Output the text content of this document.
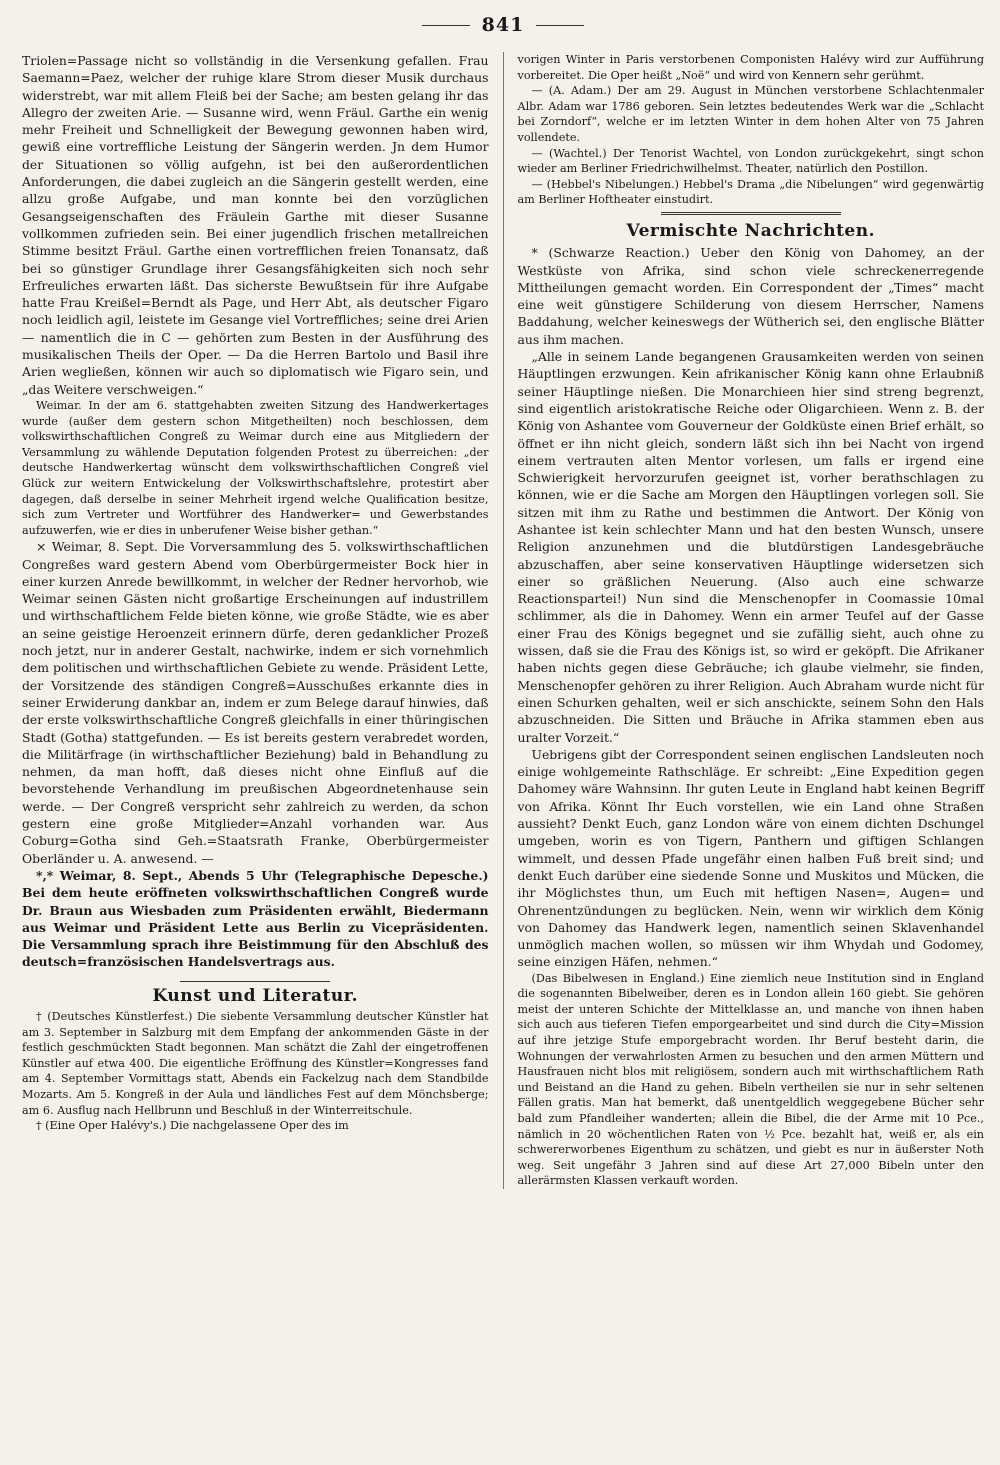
841

Triolen=Passage nicht so vollständig in die Versenkung gefallen. Frau Saemann=Paez, welcher der ruhige klare Strom dieser Musik durchaus widerstrebt, war mit allem Fleiß bei der Sache; am besten gelang ihr das Allegro der zweiten Arie. — Susanne wird, wenn Fräul. Garthe ein wenig mehr Freiheit und Schnelligkeit der Bewegung gewonnen haben wird, gewiß eine vortreffliche Leistung der Sängerin werden. Jn dem Humor der Situationen so völlig aufgehn, ist bei den außerordentlichen Anforderungen, die dabei zugleich an die Sängerin gestellt werden, eine allzu große Aufgabe, und man konnte bei den vorzüglichen Gesangseigenschaften des Fräulein Garthe mit dieser Susanne vollkommen zufrieden sein. Bei einer jugendlich frischen metallreichen Stimme besitzt Fräul. Garthe einen vortrefflichen freien Tonansatz, daß bei so günstiger Grundlage ihrer Gesangsfähigkeiten sich noch sehr Erfreuliches erwarten läßt. Das sicherste Bewußtsein für ihre Aufgabe hatte Frau Kreißel=Berndt als Page, und Herr Abt, als deutscher Figaro noch leidlich agil, leistete im Gesange viel Vortreffliches; seine drei Arien — namentlich die in C — gehörten zum Besten in der Ausführung des musikalischen Theils der Oper. — Da die Herren Bartolo und Basil ihre Arien wegließen, können wir auch so diplomatisch wie Figaro sein, und „das Weitere verschweigen.“

Weimar. In der am 6. stattgehabten zweiten Sitzung des Handwerkertages wurde (außer dem gestern schon Mitgetheilten) noch beschlossen, dem volkswirthschaftlichen Congreß zu Weimar durch eine aus Mitgliedern der Versammlung zu wählende Deputation folgenden Protest zu überreichen: „der deutsche Handwerkertag wünscht dem volkswirthschaftlichen Congreß viel Glück zur weitern Entwickelung der Volkswirthschaftslehre, protestirt aber dagegen, daß derselbe in seiner Mehrheit irgend welche Qualification besitze, sich zum Vertreter und Wortführer des Handwerker= und Gewerbstandes aufzuwerfen, wie er dies in unberufener Weise bisher gethan.“

⨯ Weimar, 8. Sept. Die Vorversammlung des 5. volkswirthschaftlichen Congreßes ward gestern Abend vom Oberbürgermeister Bock hier in einer kurzen Anrede bewillkommt, in welcher der Redner hervorhob, wie Weimar seinen Gästen nicht großartige Erscheinungen auf industrillem und wirthschaftlichem Felde bieten könne, wie große Städte, wie es aber an seine geistige Heroenzeit erinnern dürfe, deren gedanklicher Prozeß noch jetzt, nur in anderer Gestalt, nachwirke, indem er sich vornehmlich dem politischen und wirthschaftlichen Gebiete zu wende. Präsident Lette, der Vorsitzende des ständigen Congreß=Ausschußes erkannte dies in seiner Erwiderung dankbar an, indem er zum Belege darauf hinwies, daß der erste volkswirthschaftliche Congreß gleichfalls in einer thüringischen Stadt (Gotha) stattgefunden. — Es ist bereits gestern verabredet worden, die Militärfrage (in wirthschaftlicher Beziehung) bald in Behandlung zu nehmen, da man hofft, daß dieses nicht ohne Einfluß auf die bevorstehende Verhandlung im preußischen Abgeordnetenhause sein werde. — Der Congreß verspricht sehr zahlreich zu werden, da schon gestern eine große Mitglieder=Anzahl vorhanden war. Aus Coburg=Gotha sind Geh.=Staatsrath Franke, Oberbürgermeister Oberländer u. A. anwesend. —

*,* Weimar, 8. Sept., Abends 5 Uhr (Telegraphische Depesche.) Bei dem heute eröffneten volkswirthschaftlichen Congreß wurde Dr. Braun aus Wiesbaden zum Präsidenten erwählt, Biedermann aus Weimar und Präsident Lette aus Berlin zu Vicepräsidenten. Die Versammlung sprach ihre Beistimmung für den Abschluß des deutsch=französischen Handelsvertrags aus.

Kunst und Literatur.

† (Deutsches Künstlerfest.) Die siebente Versammlung deutscher Künstler hat am 3. September in Salzburg mit dem Empfang der ankommenden Gäste in der festlich geschmückten Stadt begonnen. Man schätzt die Zahl der eingetroffenen Künstler auf etwa 400. Die eigentliche Eröffnung des Künstler=Kongresses fand am 4. September Vormittags statt, Abends ein Fackelzug nach dem Standbilde Mozarts. Am 5. Kongreß in der Aula und ländliches Fest auf dem Mönchsberge; am 6. Ausflug nach Hellbrunn und Beschluß in der Winterreitschule.

† (Eine Oper Halévy's.) Die nachgelassene Oper des im

vorigen Winter in Paris verstorbenen Componisten Halévy wird zur Aufführung vorbereitet. Die Oper heißt „Noë“ und wird von Kennern sehr gerühmt.

— (A. Adam.) Der am 29. August in München verstorbene Schlachtenmaler Albr. Adam war 1786 geboren. Sein letztes bedeutendes Werk war die „Schlacht bei Zorndorf“, welche er im letzten Winter in dem hohen Alter von 75 Jahren vollendete.

— (Wachtel.) Der Tenorist Wachtel, von London zurückgekehrt, singt schon wieder am Berliner Friedrichwilhelmst. Theater, natürlich den Postillon.

— (Hebbel's Nibelungen.) Hebbel's Drama „die Nibelungen“ wird gegenwärtig am Berliner Hoftheater einstudirt.

Vermischte Nachrichten.

* (Schwarze Reaction.) Ueber den König von Dahomey, an der Westküste von Afrika, sind schon viele schreckenerregende Mittheilungen gemacht worden. Ein Correspondent der „Times“ macht eine weit günstigere Schilderung von diesem Herrscher, Namens Baddahung, welcher keineswegs der Wütherich sei, den englische Blätter aus ihm machen.

„Alle in seinem Lande begangenen Grausamkeiten werden von seinen Häuptlingen erzwungen. Kein afrikanischer König kann ohne Erlaubniß seiner Häuptlinge nießen. Die Monarchieen hier sind streng begrenzt, sind eigentlich aristokratische Reiche oder Oligarchieen. Wenn z. B. der König von Ashantee vom Gouverneur der Goldküste einen Brief erhält, so öffnet er ihn nicht gleich, sondern läßt sich ihn bei Nacht von irgend einem vertrauten alten Mentor vorlesen, um falls er irgend eine Schwierigkeit hervorzurufen geeignet ist, vorher berathschlagen zu können, wie er die Sache am Morgen den Häuptlingen vorlegen soll. Sie sitzen mit ihm zu Rathe und bestimmen die Antwort. Der König von Ashantee ist kein schlechter Mann und hat den besten Wunsch, unsere Religion anzunehmen und die blutdürstigen Landesgebräuche abzuschaffen, aber seine konservativen Häuptlinge widersetzen sich einer so gräßlichen Neuerung. (Also auch eine schwarze Reactionspartei!) Nun sind die Menschenopfer in Coomassie 10mal schlimmer, als die in Dahomey. Wenn ein armer Teufel auf der Gasse einer Frau des Königs begegnet und sie zufällig sieht, auch ohne zu wissen, daß sie die Frau des Königs ist, so wird er geköpft. Die Afrikaner haben nichts gegen diese Gebräuche; ich glaube vielmehr, sie finden, Menschenopfer gehören zu ihrer Religion. Auch Abraham wurde nicht für einen Schurken gehalten, weil er sich anschickte, seinem Sohn den Hals abzuschneiden. Die Sitten und Bräuche in Afrika stammen eben aus uralter Vorzeit.“

Uebrigens gibt der Correspondent seinen englischen Landsleuten noch einige wohlgemeinte Rathschläge. Er schreibt: „Eine Expedition gegen Dahomey wäre Wahnsinn. Ihr guten Leute in England habt keinen Begriff von Afrika. Könnt Ihr Euch vorstellen, wie ein Land ohne Straßen aussieht? Denkt Euch, ganz London wäre von einem dichten Dschungel umgeben, worin es von Tigern, Panthern und giftigen Schlangen wimmelt, und dessen Pfade ungefähr einen halben Fuß breit sind; und denkt Euch darüber eine siedende Sonne und Muskitos und Mücken, die ihr Möglichstes thun, um Euch mit heftigen Nasen=, Augen= und Ohrenentzündungen zu beglücken. Nein, wenn wir wirklich dem König von Dahomey das Handwerk legen, namentlich seinen Sklavenhandel unmöglich machen wollen, so müssen wir ihm Whydah und Godomey, seine einzigen Häfen, nehmen.“

(Das Bibelwesen in England.) Eine ziemlich neue Institution sind in England die sogenannten Bibelweiber, deren es in London allein 160 giebt. Sie gehören meist der unteren Schichte der Mittelklasse an, und manche von ihnen haben sich auch aus tieferen Tiefen emporgearbeitet und sind durch die City=Mission auf ihre jetzige Stufe emporgebracht worden. Ihr Beruf besteht darin, die Wohnungen der verwahrlosten Armen zu besuchen und den armen Müttern und Hausfrauen nicht blos mit religiösem, sondern auch mit wirthschaftlichem Rath und Beistand an die Hand zu gehen. Bibeln vertheilen sie nur in sehr seltenen Fällen gratis. Man hat bemerkt, daß unentgeldlich weggegebene Bücher sehr bald zum Pfandleiher wanderten; allein die Bibel, die der Arme mit 10 Pce., nämlich in 20 wöchentlichen Raten von ½ Pce. bezahlt hat, weiß er, als ein schwererworbenes Eigenthum zu schätzen, und giebt es nur in äußerster Noth weg. Seit ungefähr 3 Jahren sind auf diese Art 27,000 Bibeln unter den allerärmsten Klassen verkauft worden.
